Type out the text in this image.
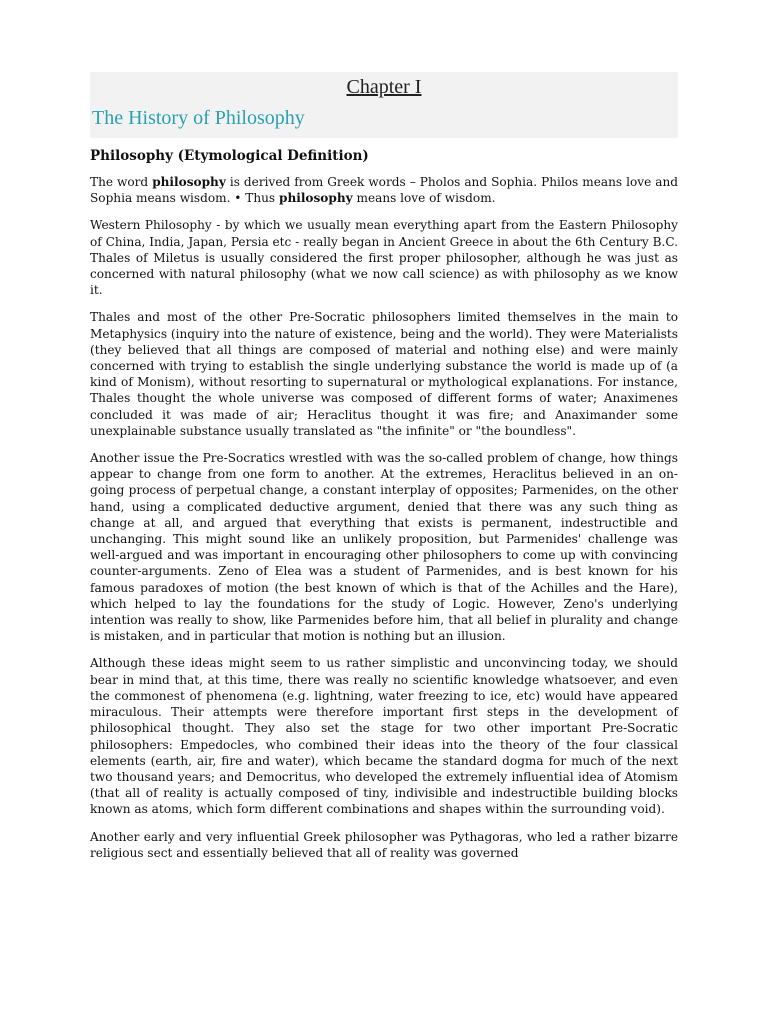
Chapter I
The History of Philosophy
Philosophy (Etymological Definition)

The word philosophy is derived from Greek words – Pholos and Sophia. Philos means love and Sophia means wisdom. • Thus philosophy means love of wisdom.

Western Philosophy - by which we usually mean everything apart from the Eastern Philosophy of China, India, Japan, Persia etc - really began in Ancient Greece in about the 6th Century B.C. Thales of Miletus is usually considered the first proper philosopher, although he was just as concerned with natural philosophy (what we now call science) as with philosophy as we know it.

Thales and most of the other Pre-Socratic philosophers limited themselves in the main to Metaphysics (inquiry into the nature of existence, being and the world). They were Materialists (they believed that all things are composed of material and nothing else) and were mainly concerned with trying to establish the single underlying substance the world is made up of (a kind of Monism), without resorting to supernatural or mythological explanations. For instance, Thales thought the whole universe was composed of different forms of water; Anaximenes concluded it was made of air; Heraclitus thought it was fire; and Anaximander some unexplainable substance usually translated as "the infinite" or "the boundless".

Another issue the Pre-Socratics wrestled with was the so-called problem of change, how things appear to change from one form to another. At the extremes, Heraclitus believed in an on-going process of perpetual change, a constant interplay of opposites; Parmenides, on the other hand, using a complicated deductive argument, denied that there was any such thing as change at all, and argued that everything that exists is permanent, indestructible and unchanging. This might sound like an unlikely proposition, but Parmenides' challenge was well-argued and was important in encouraging other philosophers to come up with convincing counter-arguments. Zeno of Elea was a student of Parmenides, and is best known for his famous paradoxes of motion (the best known of which is that of the Achilles and the Hare), which helped to lay the foundations for the study of Logic. However, Zeno's underlying intention was really to show, like Parmenides before him, that all belief in plurality and change is mistaken, and in particular that motion is nothing but an illusion.

Although these ideas might seem to us rather simplistic and unconvincing today, we should bear in mind that, at this time, there was really no scientific knowledge whatsoever, and even the commonest of phenomena (e.g. lightning, water freezing to ice, etc) would have appeared miraculous. Their attempts were therefore important first steps in the development of philosophical thought. They also set the stage for two other important Pre-Socratic philosophers: Empedocles, who combined their ideas into the theory of the four classical elements (earth, air, fire and water), which became the standard dogma for much of the next two thousand years; and Democritus, who developed the extremely influential idea of Atomism (that all of reality is actually composed of tiny, indivisible and indestructible building blocks known as atoms, which form different combinations and shapes within the surrounding void).

Another early and very influential Greek philosopher was Pythagoras, who led a rather bizarre religious sect and essentially believed that all of reality was governed
